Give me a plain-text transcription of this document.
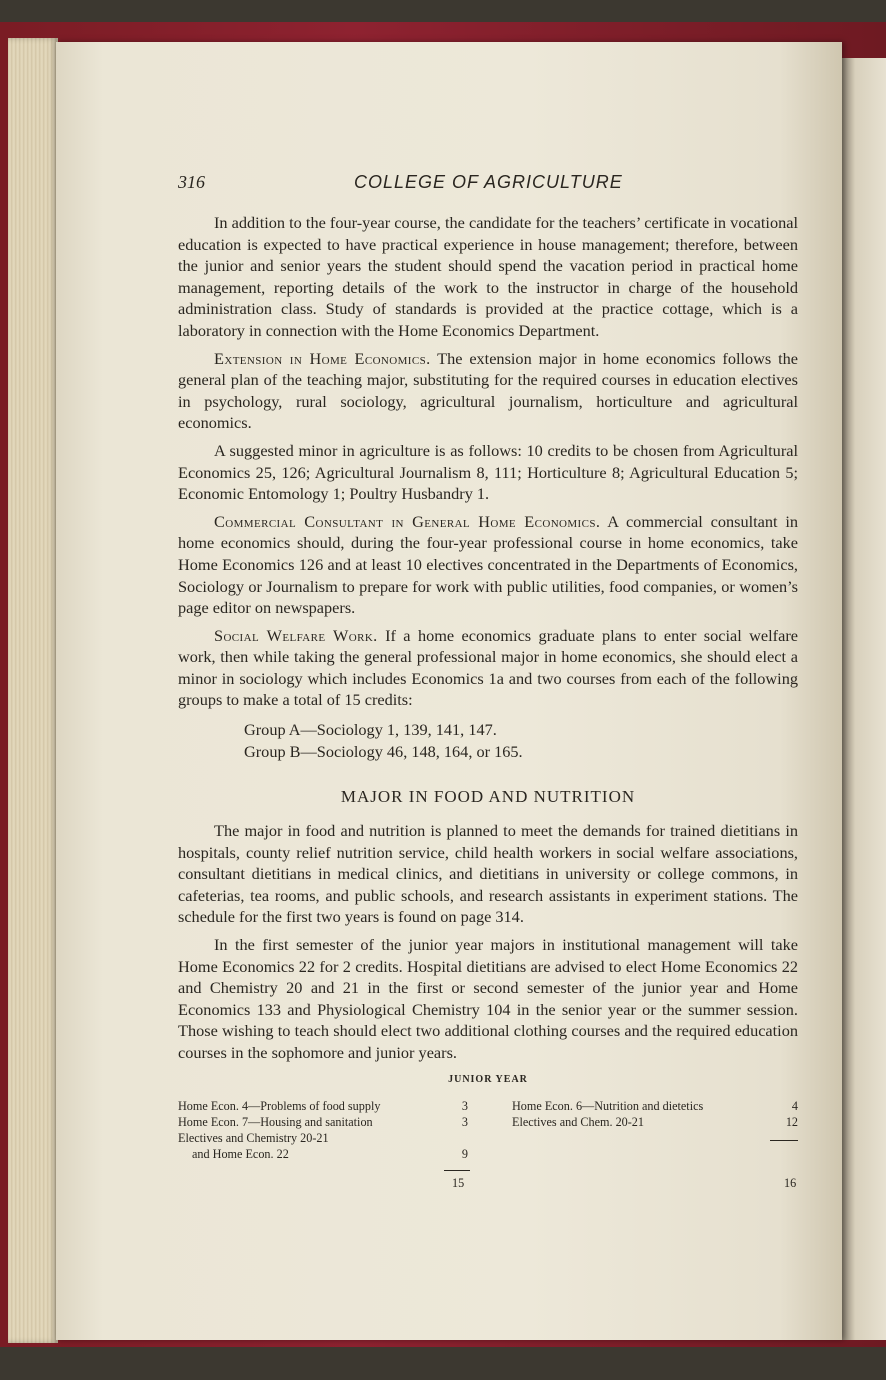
316	COLLEGE OF AGRICULTURE

In addition to the four-year course, the candidate for the teachers’ certificate in vocational education is expected to have practical experience in house management; therefore, between the junior and senior years the student should spend the vacation period in practical home management, reporting details of the work to the instructor in charge of the household administration class. Study of standards is provided at the practice cottage, which is a laboratory in connection with the Home Economics Department.

Extension in Home Economics. The extension major in home economics follows the general plan of the teaching major, substituting for the required courses in education electives in psychology, rural sociology, agricultural journalism, horticulture and agricultural economics.

A suggested minor in agriculture is as follows: 10 credits to be chosen from Agricultural Economics 25, 126; Agricultural Journalism 8, 111; Horticulture 8; Agricultural Education 5; Economic Entomology 1; Poultry Husbandry 1.

Commercial Consultant in General Home Economics. A commercial consultant in home economics should, during the four-year professional course in home economics, take Home Economics 126 and at least 10 electives concentrated in the Departments of Economics, Sociology or Journalism to prepare for work with public utilities, food companies, or women’s page editor on newspapers.

Social Welfare Work. If a home economics graduate plans to enter social welfare work, then while taking the general professional major in home economics, she should elect a minor in sociology which includes Economics 1a and two courses from each of the following groups to make a total of 15 credits:

Group A—Sociology 1, 139, 141, 147.
Group B—Sociology 46, 148, 164, or 165.
MAJOR IN FOOD AND NUTRITION

The major in food and nutrition is planned to meet the demands for trained dietitians in hospitals, county relief nutrition service, child health workers in social welfare associations, consultant dietitians in medical clinics, and dietitians in university or college commons, in cafeterias, tea rooms, and public schools, and research assistants in experiment stations. The schedule for the first two years is found on page 314.

In the first semester of the junior year majors in institutional management will take Home Economics 22 for 2 credits. Hospital dietitians are advised to elect Home Economics 22 and Chemistry 20 and 21 in the first or second semester of the junior year and Home Economics 133 and Physiological Chemistry 104 in the senior year or the summer session. Those wishing to teach should elect two additional clothing courses and the required education courses in the sophomore and junior years.

JUNIOR YEAR
Home Econ. 4—Problems of food supply	3
Home Econ. 7—Housing and sanitation	3
Electives and Chemistry 20-21
and Home Econ. 22	9
Home Econ. 6—Nutrition and dietetics	4
Electives and Chem. 20-21	12
15	16
